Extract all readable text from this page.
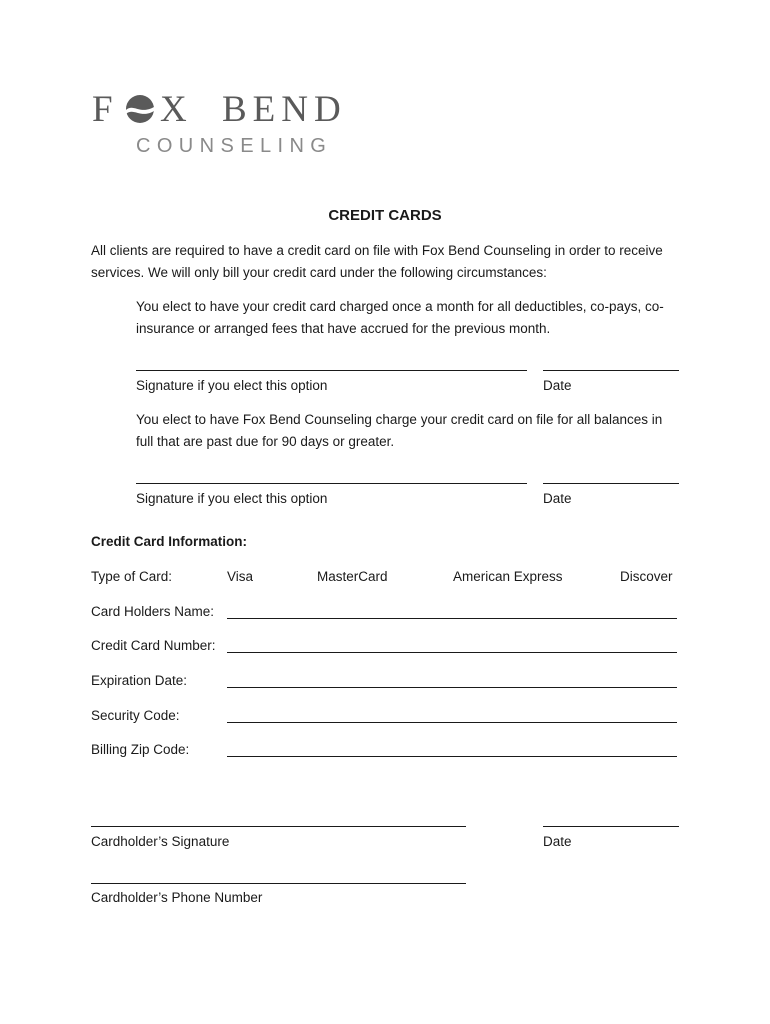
F X BEND
COUNSELING
CREDIT CARDS
All clients are required to have a credit card on file with Fox Bend Counseling in order to receive
services. We will only bill your credit card under the following circumstances:
You elect to have your credit card charged once a month for all deductibles, co-pays, co-
insurance or arranged fees that have accrued for the previous month.
Signature if you elect this option	Date
You elect to have Fox Bend Counseling charge your credit card on file for all balances in
full that are past due for 90 days or greater.
Signature if you elect this option	Date
Credit Card Information:
Type of Card:	Visa	MasterCard	American Express	Discover
Card Holders Name:
Credit Card Number:
Expiration Date:
Security Code:
Billing Zip Code:
Cardholder’s Signature	Date
Cardholder’s Phone Number
